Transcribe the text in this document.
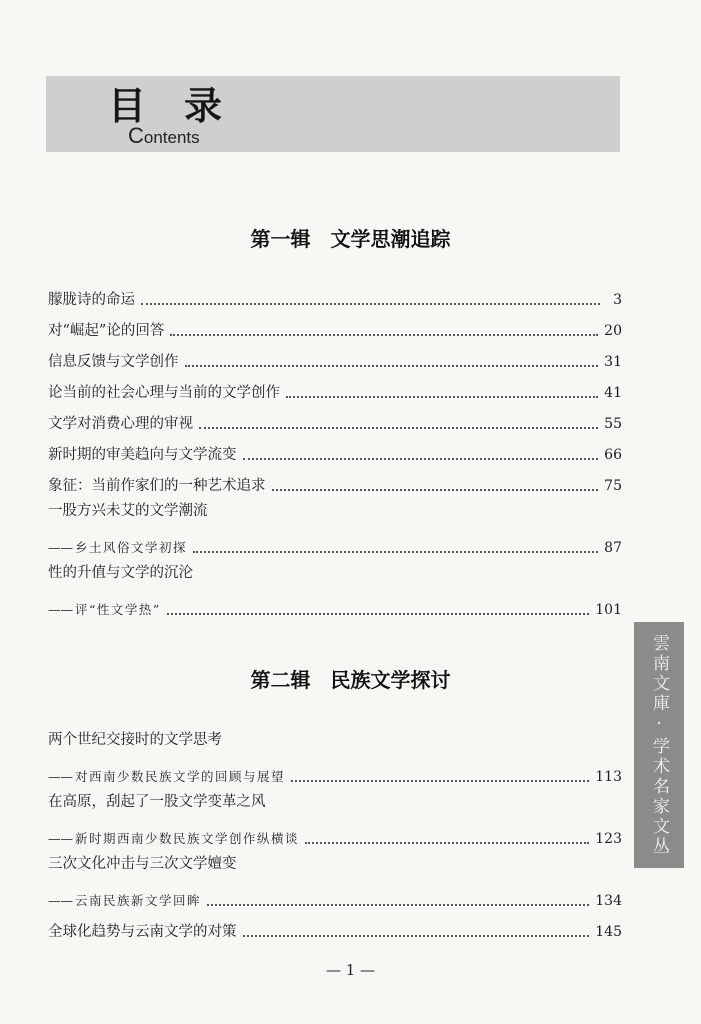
目录
Contents
第一辑　文学思潮追踪
朦胧诗的命运	3
对“崛起”论的回答	20
信息反馈与文学创作	31
论当前的社会心理与当前的文学创作	41
文学对消费心理的审视	55
新时期的审美趋向与文学流变	66
象征：当前作家们的一种艺术追求	75
一股方兴未艾的文学潮流
—— 乡土风俗文学初探	87
性的升值与文学的沉沦
—— 评“性文学热”	101
第二辑　民族文学探讨
两个世纪交接时的文学思考
—— 对西南少数民族文学的回顾与展望	113
在高原，刮起了一股文学变革之风
—— 新时期西南少数民族文学创作纵横谈	123
三次文化冲击与三次文学嬗变
—— 云南民族新文学回眸	134
全球化趋势与云南文学的对策	145
雲南文庫·学术名家文丛
— 1 —
